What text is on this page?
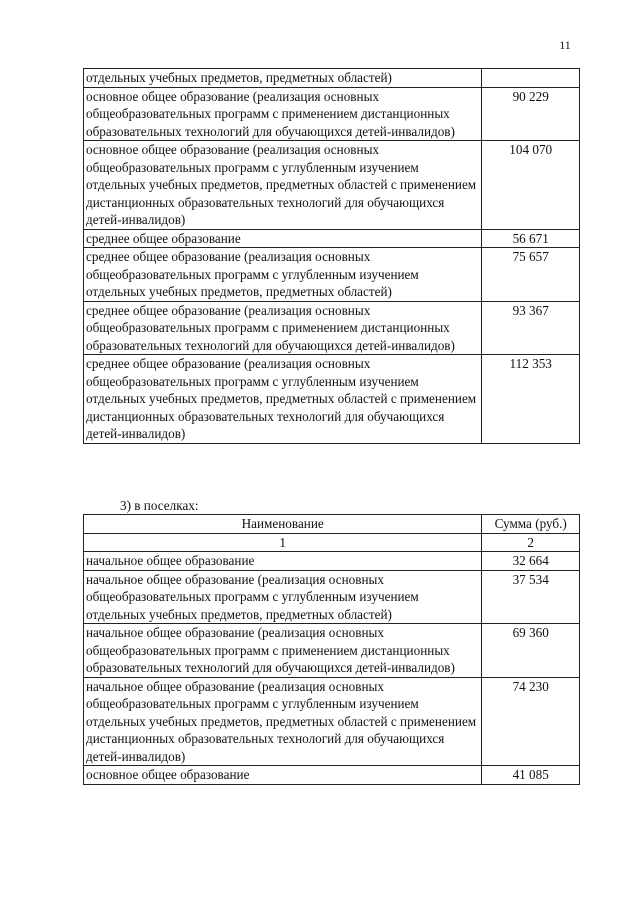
11
отдельных учебных предметов, предметных областей)	
основное общее образование (реализация основных общеобразовательных программ с применением дистанционных образовательных технологий для обучающихся детей-инвалидов)	90 229
основное общее образование (реализация основных общеобразовательных программ с углубленным изучением отдельных учебных предметов, предметных областей с применением дистанционных образовательных технологий для обучающихся детей-инвалидов)	104 070
среднее общее образование	56 671
среднее общее образование (реализация основных общеобразовательных программ с углубленным изучением отдельных учебных предметов, предметных областей)	75 657
среднее общее образование (реализация основных общеобразовательных программ с применением дистанционных образовательных технологий для обучающихся детей-инвалидов)	93 367
среднее общее образование (реализация основных общеобразовательных программ с углубленным изучением отдельных учебных предметов, предметных областей с применением дистанционных образовательных технологий для обучающихся детей-инвалидов)	112 353
3) в поселках:
Наименование	Сумма (руб.)
1	2
начальное общее образование	32 664
начальное общее образование (реализация основных общеобразовательных программ с углубленным изучением отдельных учебных предметов, предметных областей)	37 534
начальное общее образование (реализация основных общеобразовательных программ с применением дистанционных образовательных технологий для обучающихся детей-инвалидов)	69 360
начальное общее образование (реализация основных общеобразовательных программ с углубленным изучением отдельных учебных предметов, предметных областей с применением дистанционных образовательных технологий для обучающихся детей-инвалидов)	74 230
основное общее образование	41 085
